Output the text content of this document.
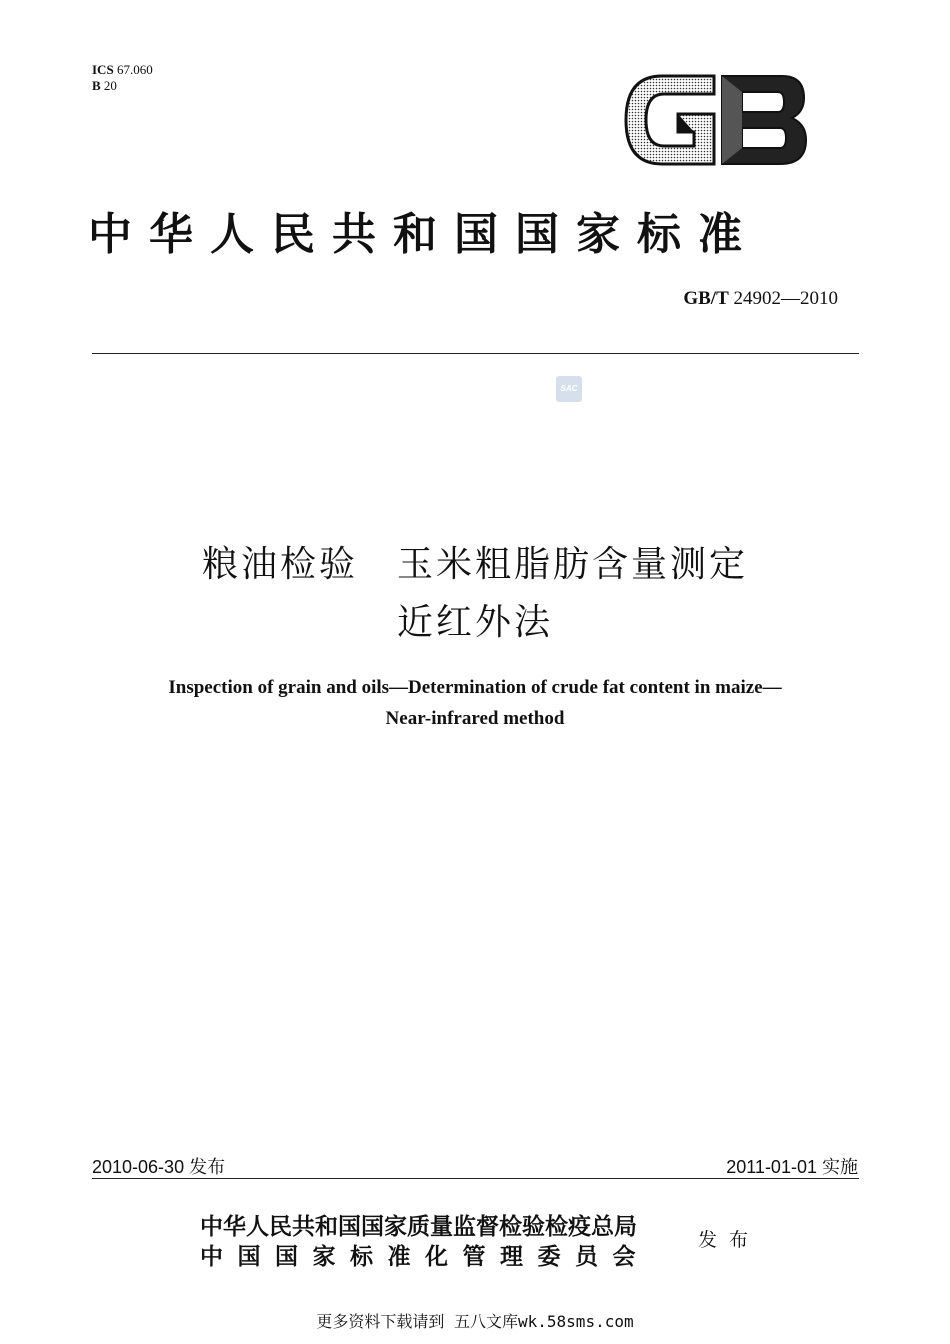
ICS 67.060
B 20
中华人民共和国国家标准
GB/T 24902—2010
SAC
粮油检验　玉米粗脂肪含量测定
近红外法
Inspection of grain and oils—Determination of crude fat content in maize—
Near-infrared method
2010-06-30 发布	2011-01-01 实施
中华人民共和国国家质量监督检验检疫总局
中国国家标准化管理委员会
发布
更多资料下载请到 五八文库wk.58sms.com
